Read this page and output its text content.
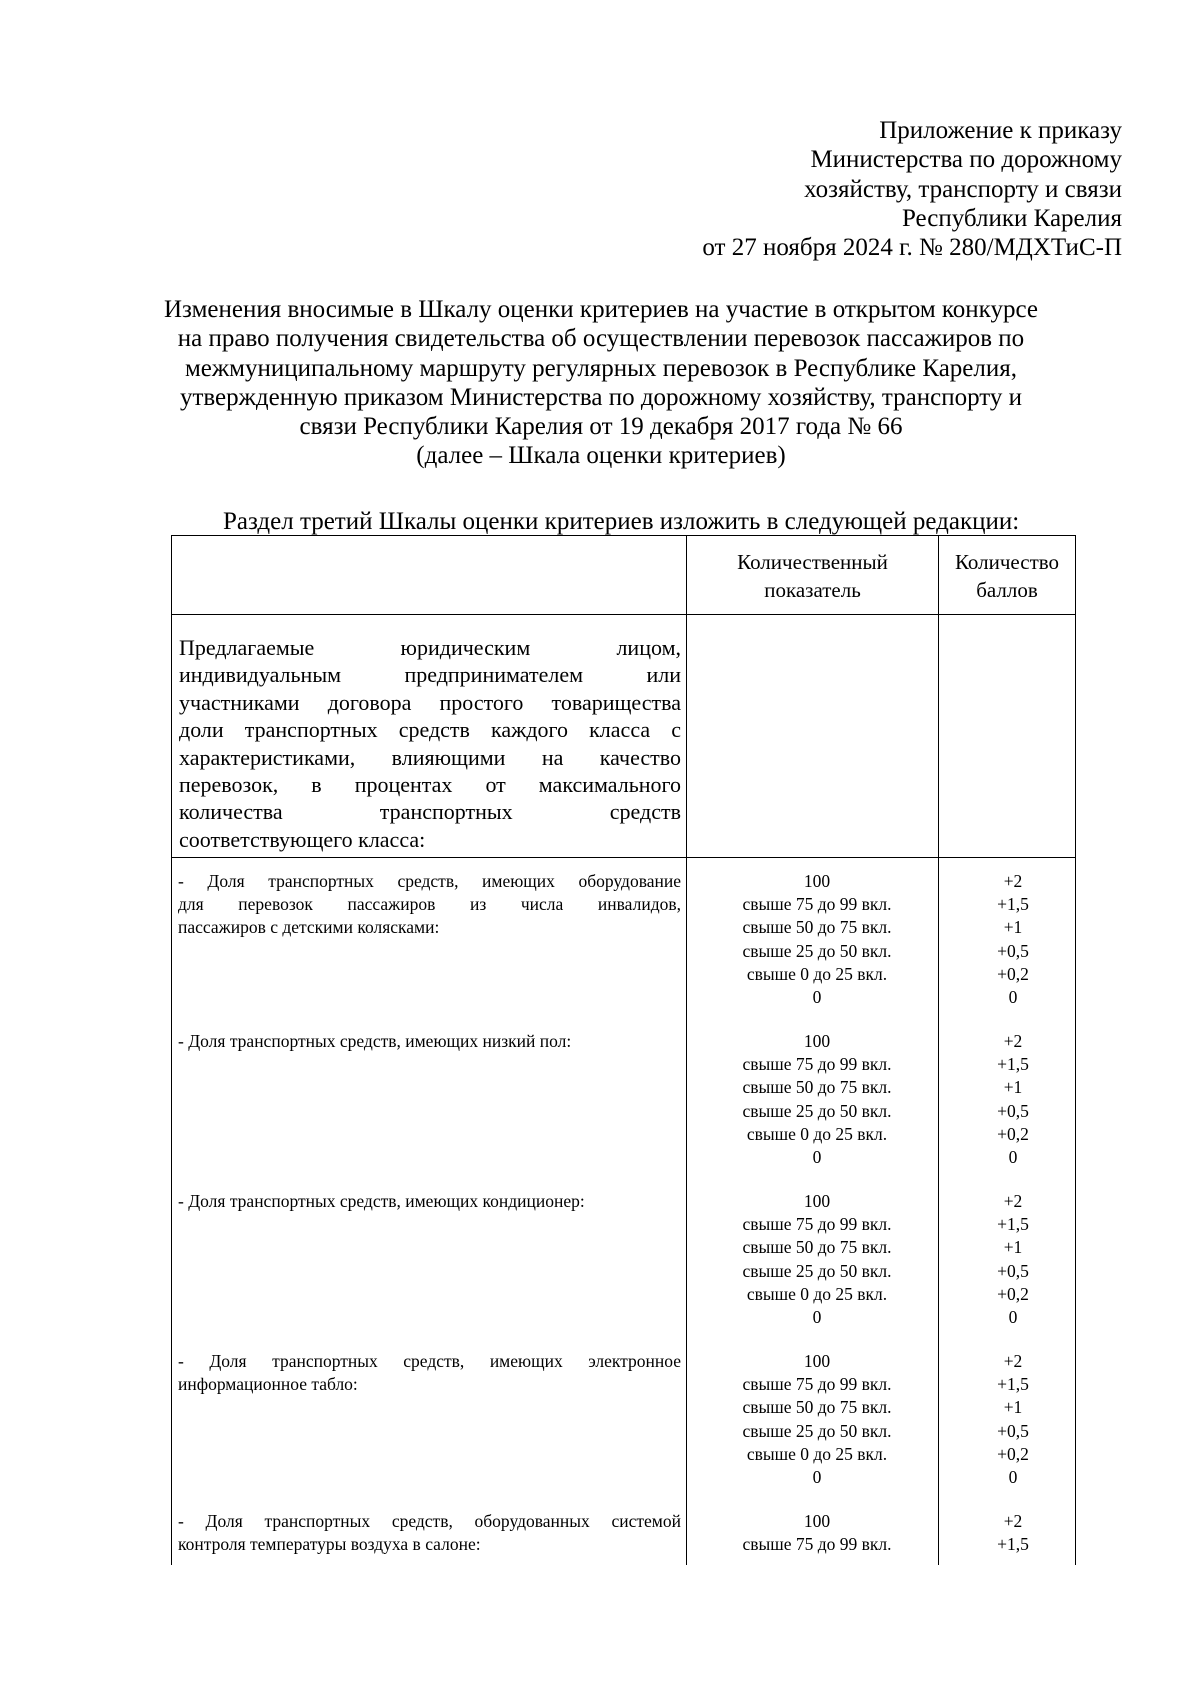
Приложение к приказу
Министерства по дорожному
хозяйству, транспорту и связи
Республики Карелия
от 27 ноября 2024 г. № 280/МДХТиС-П
Изменения вносимые в Шкалу оценки критериев на участие в открытом конкурсе
на право получения свидетельства об осуществлении перевозок пассажиров по
межмуниципальному маршруту регулярных перевозок в Республике Карелия,
утвержденную приказом Министерства по дорожному хозяйству, транспорту и
связи Республики Карелия от 19 декабря 2017 года № 66
(далее – Шкала оценки критериев)
Раздел третий Шкалы оценки критериев изложить в следующей редакции:
Количественный
показатель
Количество
баллов
Предлагаемые юридическим лицом,
индивидуальным предпринимателем или
участниками договора простого товарищества
доли транспортных средств каждого класса с
характеристиками, влияющими на качество
перевозок, в процентах от максимального
количества транспортных средств
соответствующего класса:
- Доля транспортных средств, имеющих оборудование
для перевозок пассажиров из числа инвалидов,
пассажиров с детскими колясками:
100
свыше 75 до 99 вкл.
свыше 50 до 75 вкл.
свыше 25 до 50 вкл.
свыше 0 до 25 вкл.
0
+2
+1,5
+1
+0,5
+0,2
0
- Доля транспортных средств, имеющих низкий пол:	100
свыше 75 до 99 вкл.
свыше 50 до 75 вкл.
свыше 25 до 50 вкл.
свыше 0 до 25 вкл.
0
+2
+1,5
+1
+0,5
+0,2
0
- Доля транспортных средств, имеющих кондиционер:	100
свыше 75 до 99 вкл.
свыше 50 до 75 вкл.
свыше 25 до 50 вкл.
свыше 0 до 25 вкл.
0
+2
+1,5
+1
+0,5
+0,2
0
- Доля транспортных средств, имеющих электронное
информационное табло:
100
свыше 75 до 99 вкл.
свыше 50 до 75 вкл.
свыше 25 до 50 вкл.
свыше 0 до 25 вкл.
0
+2
+1,5
+1
+0,5
+0,2
0
- Доля транспортных средств, оборудованных системой
контроля температуры воздуха в салоне:
100
свыше 75 до 99 вкл.
+2
+1,5
